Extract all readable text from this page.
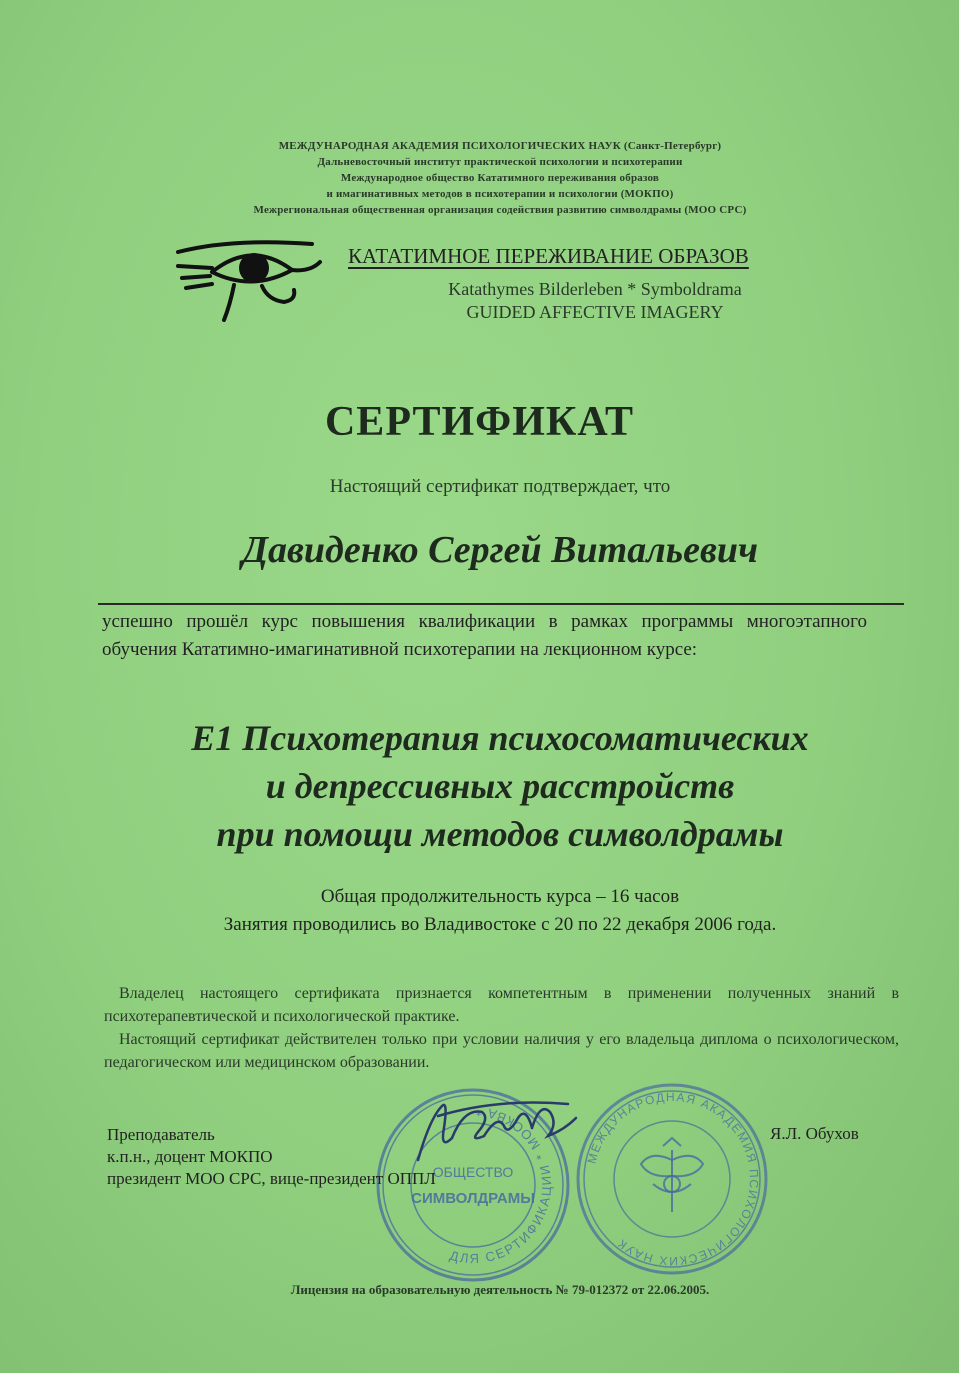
МЕЖДУНАРОДНАЯ АКАДЕМИЯ ПСИХОЛОГИЧЕСКИХ НАУК (Санкт-Петербург)
Дальневосточный институт практической психологии и психотерапии
Международное общество Кататимного переживания образов
и имагинативных методов в психотерапии и психологии (МОКПО)
Межрегиональная общественная организация содействия развитию символдрамы (МОО СРС)
КАТАТИМНОЕ ПЕРЕЖИВАНИЕ ОБРАЗОВ
Katathymes Bilderleben * Symboldrama
GUIDED AFFECTIVE IMAGERY
СЕРТИФИКАТ
Настоящий сертификат подтверждает, что
Давиденко Сергей Витальевич
успешно прошёл курс повышения квалификации в рамках программы многоэтапного обучения Кататимно-имагинативной психотерапии на лекционном курсе:
Е1 Психотерапия психосоматических
и депрессивных расстройств
при помощи методов символдрамы
Общая продолжительность курса – 16 часов
Занятия проводились во Владивостоке с 20 по 22 декабря 2006 года.

Владелец настоящего сертификата признается компетентным в применении полученных знаний в психотерапевтической и психологической практике.

Настоящий сертификат действителен только при условии наличия у его владельца диплома о психологическом, педагогическом или медицинском образовании.

ДЛЯ СЕРТИФИКАЦИИ * МОСКВА *
ОБЩЕСТВО
СИМВОЛДРАМЫ
МЕЖДУНАРОДНАЯ АКАДЕМИЯ ПСИХОЛОГИЧЕСКИХ НАУК
Преподаватель
к.п.н., доцент МОКПО
президент МОО СРС, вице-президент ОППЛ
Я.Л. Обухов
Лицензия на образовательную деятельность № 79-012372 от 22.06.2005.
